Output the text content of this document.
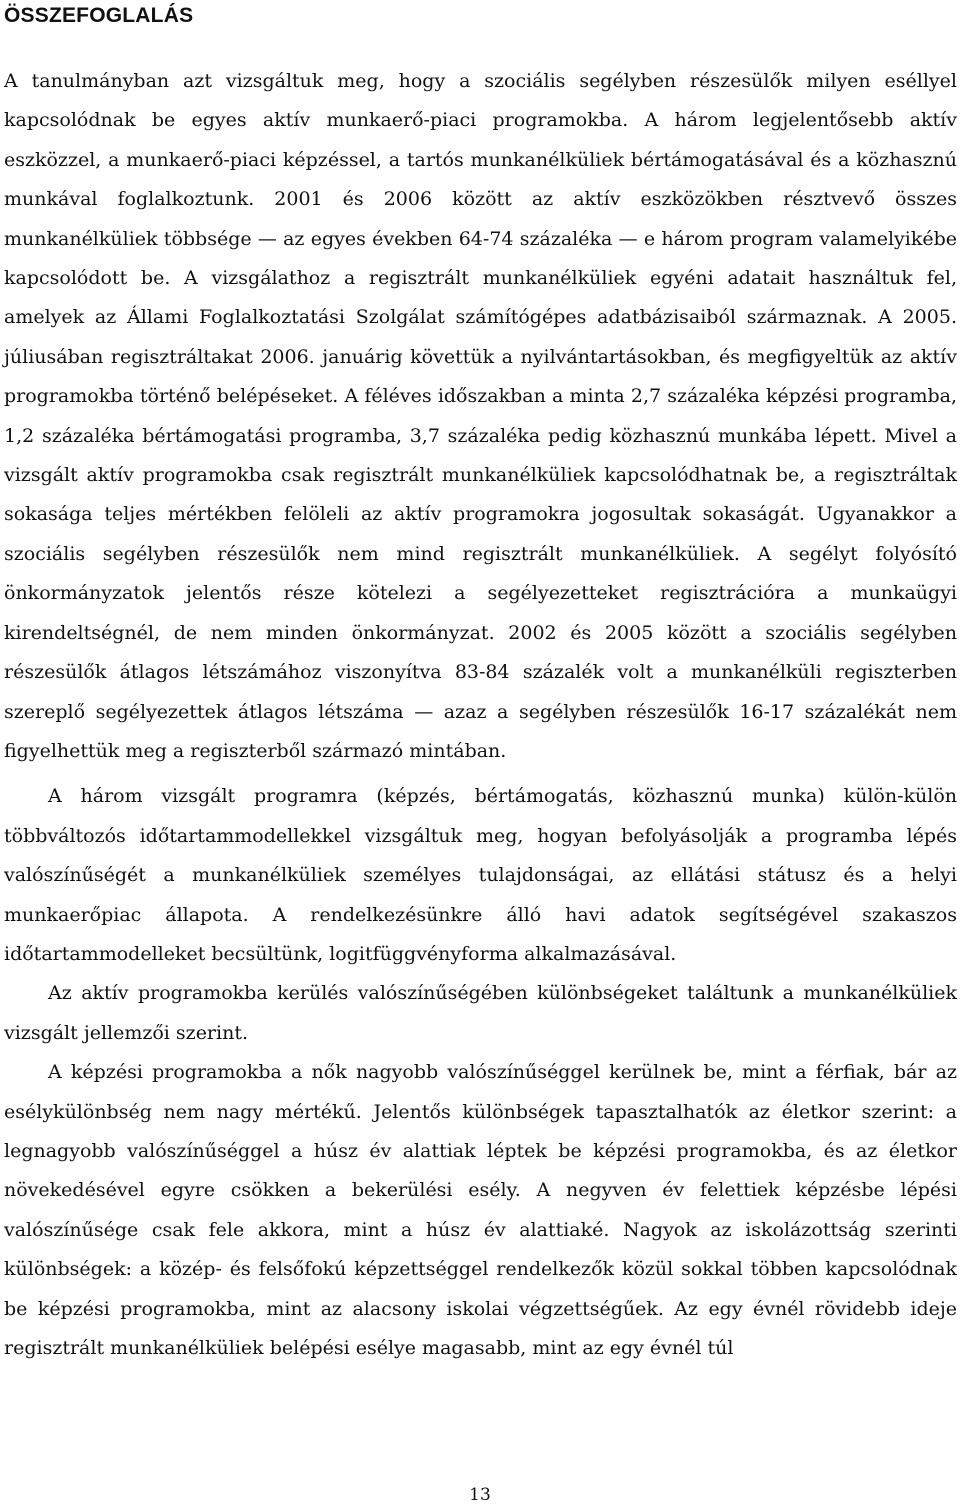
ÖSSZEFOGLALÁS

A tanulmányban azt vizsgáltuk meg, hogy a szociális segélyben részesülők milyen eséllyel kapcsolódnak be egyes aktív munkaerő-piaci programokba. A három legjelentősebb aktív eszközzel, a munkaerő-piaci képzéssel, a tartós munkanélküliek bértámogatásával és a közhasznú munkával foglalkoztunk. 2001 és 2006 között az aktív eszközökben résztvevő összes munkanélküliek többsége — az egyes években 64-74 százaléka — e három program valamelyikébe kapcsolódott be. A vizsgálathoz a regisztrált munkanélküliek egyéni adatait használtuk fel, amelyek az Állami Foglalkoztatási Szolgálat számítógépes adatbázisaiból származnak. A 2005. júliusában regisztráltakat 2006. januárig követtük a nyilvántartásokban, és megfigyeltük az aktív programokba történő belépéseket. A féléves időszakban a minta 2,7 százaléka képzési programba, 1,2 százaléka bértámogatási programba, 3,7 százaléka pedig közhasznú munkába lépett. Mivel a vizsgált aktív programokba csak regisztrált munkanélküliek kapcsolódhatnak be, a regisztráltak sokasága teljes mértékben felöleli az aktív programokra jogosultak sokaságát. Ugyanakkor a szociális segélyben részesülők nem mind regisztrált munkanélküliek. A segélyt folyósító önkormányzatok jelentős része kötelezi a segélyezetteket regisztrációra a munkaügyi kirendeltségnél, de nem minden önkormányzat. 2002 és 2005 között a szociális segélyben részesülők átlagos létszámához viszonyítva 83-84 százalék volt a munkanélküli regiszterben szereplő segélyezettek átlagos létszáma — azaz a segélyben részesülők 16-17 százalékát nem figyelhettük meg a regiszterből származó mintában.

A három vizsgált programra (képzés, bértámogatás, közhasznú munka) külön-külön többváltozós időtartammodellekkel vizsgáltuk meg, hogyan befolyásolják a programba lépés valószínűségét a munkanélküliek személyes tulajdonságai, az ellátási státusz és a helyi munkaerőpiac állapota. A rendelkezésünkre álló havi adatok segítségével szakaszos időtartammodelleket becsültünk, logitfüggvényforma alkalmazásával.

Az aktív programokba kerülés valószínűségében különbségeket találtunk a munkanélküliek vizsgált jellemzői szerint.

A képzési programokba a nők nagyobb valószínűséggel kerülnek be, mint a férfiak, bár az esélykülönbség nem nagy mértékű. Jelentős különbségek tapasztalhatók az életkor szerint: a legnagyobb valószínűséggel a húsz év alattiak léptek be képzési programokba, és az életkor növekedésével egyre csökken a bekerülési esély. A negyven év felettiek képzésbe lépési valószínűsége csak fele akkora, mint a húsz év alattiaké. Nagyok az iskolázottság szerinti különbségek: a közép- és felsőfokú képzettséggel rendelkezők közül sokkal többen kapcsolódnak be képzési programokba, mint az alacsony iskolai végzettségűek. Az egy évnél rövidebb ideje regisztrált munkanélküliek belépési esélye magasabb, mint az egy évnél túl

13
